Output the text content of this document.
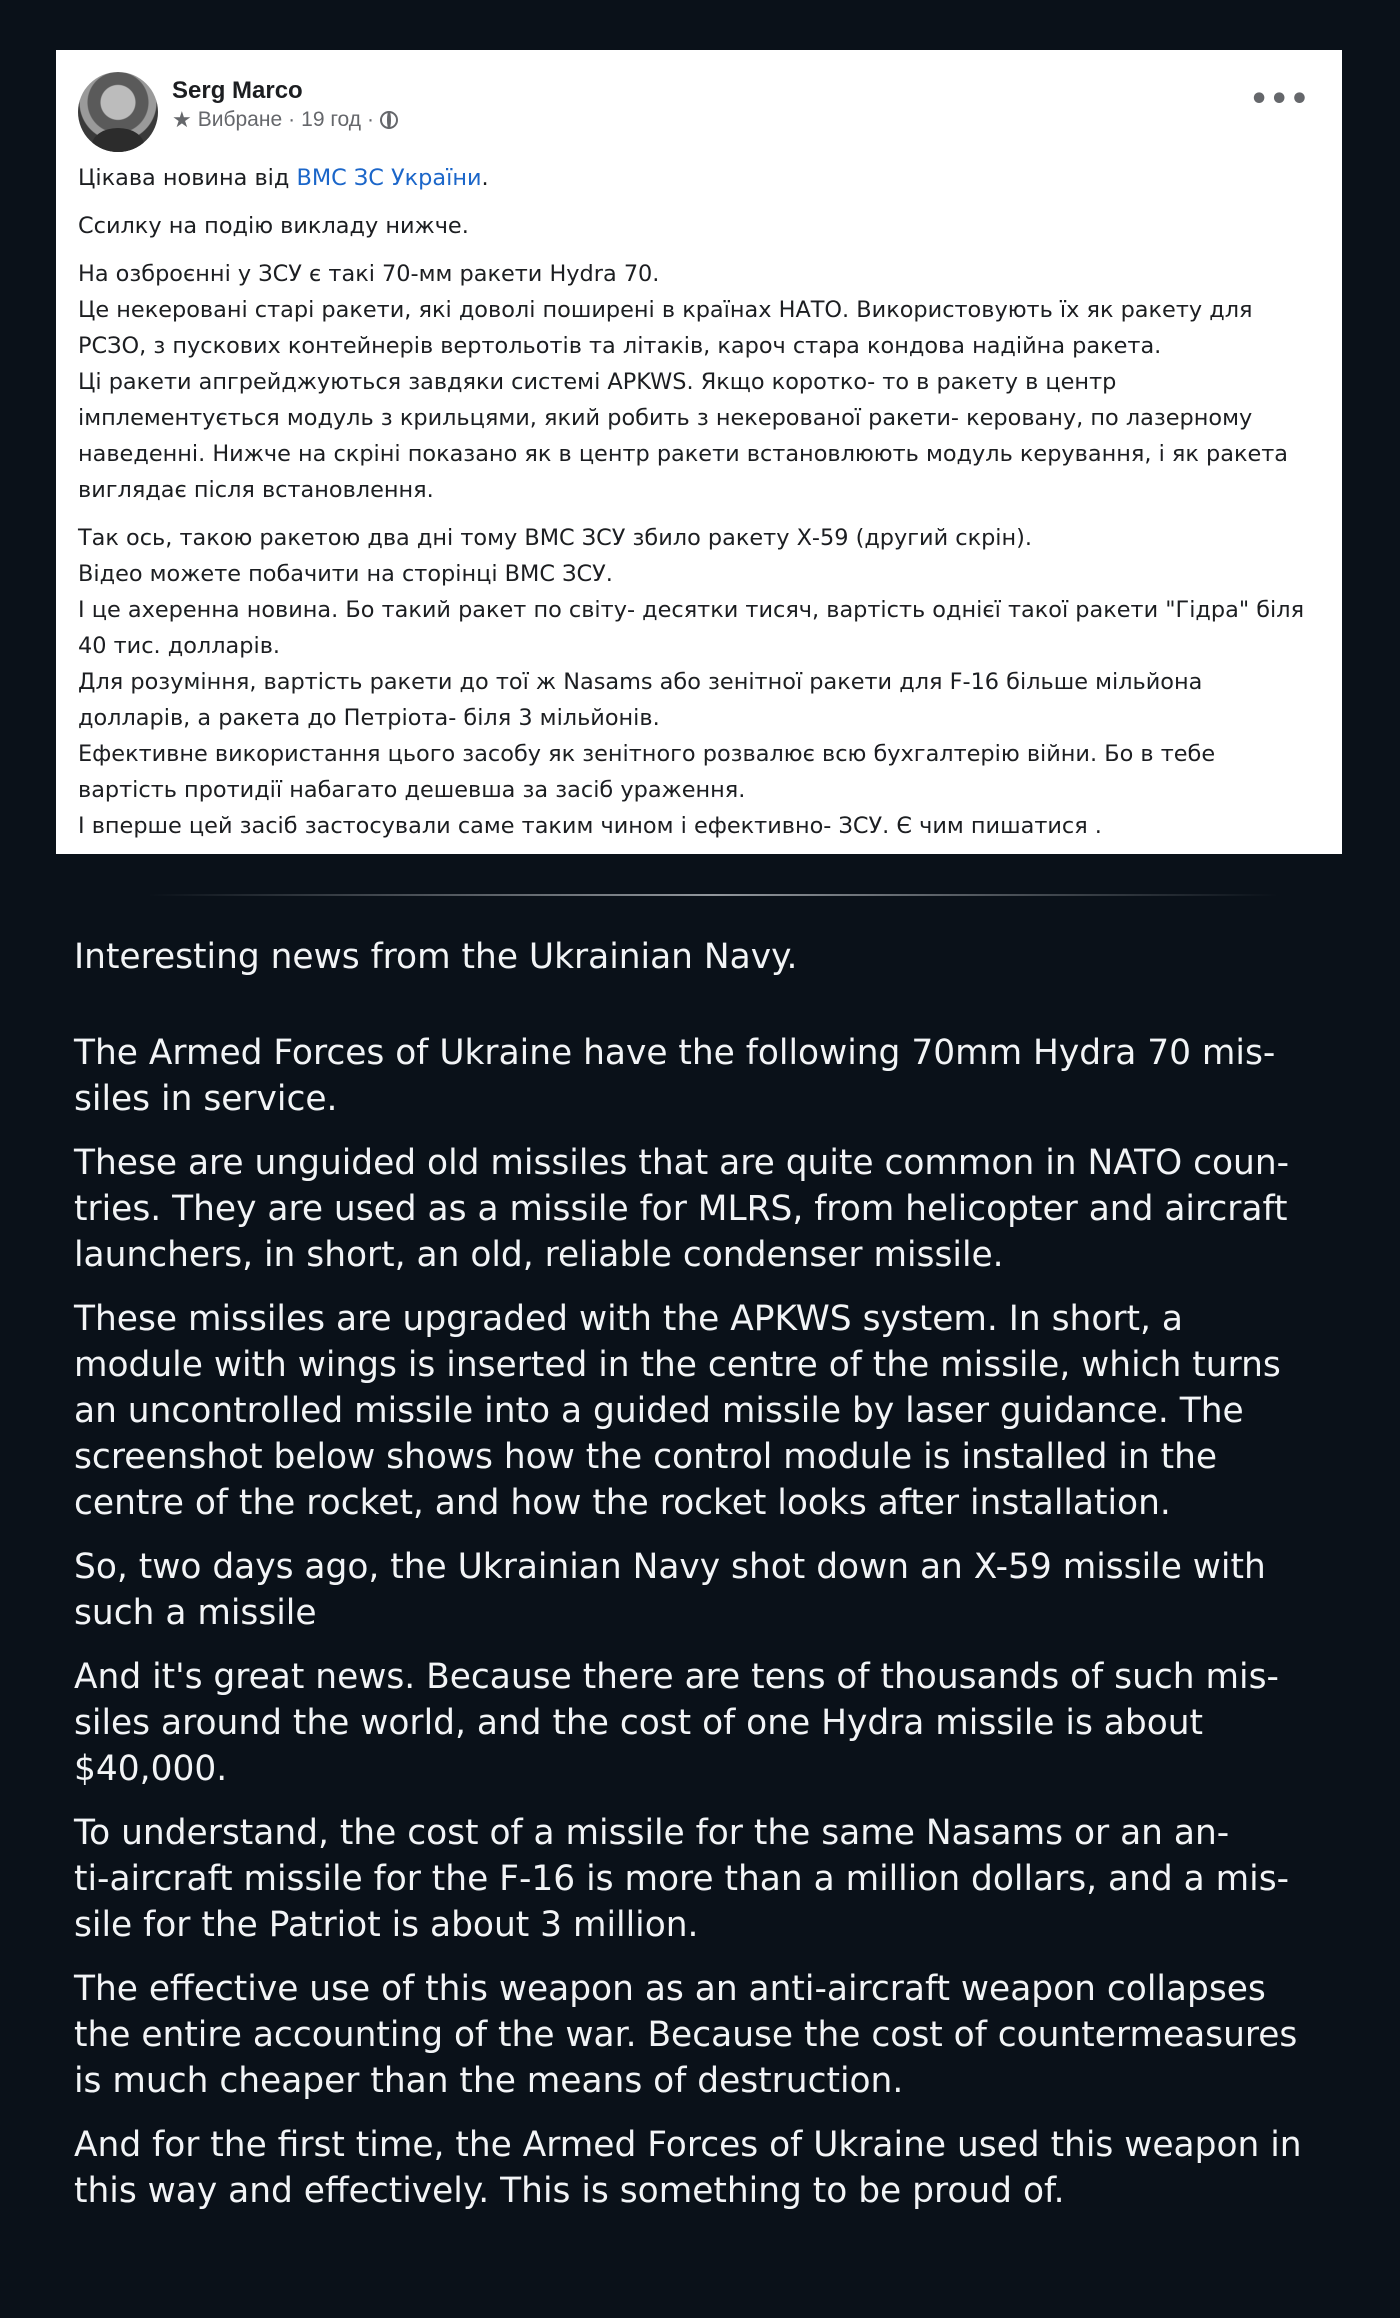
Serg Marco
★ Вибране · 19 год ·
•••

Цікава новина від ВМС ЗС України.

Ссилку на подію викладу нижче.

На озброєнні у ЗСУ є такі 70-мм ракети Hydra 70.
Це некеровані старі ракети, які доволі поширені в країнах НАТО. Використовують їх як ракету для
РСЗО, з пускових контейнерів вертольотів та літаків, кароч стара кондова надійна ракета.
Ці ракети апгрейджуються завдяки системі APKWS. Якщо коротко- то в ракету в центр
імплементується модуль з крильцями, який робить з некерованої ракети- керовану, по лазерному
наведенні. Нижче на скріні показано як в центр ракети встановлюють модуль керування, і як ракета
виглядає після встановлення.

Так ось, такою ракетою два дні тому ВМС ЗСУ збило ракету Х-59 (другий скрін).
Відео можете побачити на сторінці ВМС ЗСУ.
І це ахеренна новина. Бо такий ракет по світу- десятки тисяч, вартість однієї такої ракети "Гідра" біля
40 тис. долларів.
Для розуміння, вартість ракети до тої ж Nasams або зенітної ракети для F-16 більше мільйона
долларів, а ракета до Петріота- біля 3 мільйонів.
Ефективне використання цього засобу як зенітного розвалює всю бухгалтерію війни. Бо в тебе
вартість протидії набагато дешевша за засіб ураження.
І вперше цей засіб застосували саме таким чином і ефективно- ЗСУ. Є чим пишатися .

Interesting news from the Ukrainian Navy.

The Armed Forces of Ukraine have the following 70mm Hydra 70 mis-
siles in service.

These are unguided old missiles that are quite common in NATO coun-
tries. They are used as a missile for MLRS, from helicopter and aircraft
launchers, in short, an old, reliable condenser missile.

These missiles are upgraded with the APKWS system. In short, a
module with wings is inserted in the centre of the missile, which turns
an uncontrolled missile into a guided missile by laser guidance. The
screenshot below shows how the control module is installed in the
centre of the rocket, and how the rocket looks after installation.

So, two days ago, the Ukrainian Navy shot down an X-59 missile with
such a missile

And it's great news. Because there are tens of thousands of such mis-
siles around the world, and the cost of one Hydra missile is about
$40,000.

To understand, the cost of a missile for the same Nasams or an an-
ti-aircraft missile for the F-16 is more than a million dollars, and a mis-
sile for the Patriot is about 3 million.

The effective use of this weapon as an anti-aircraft weapon collapses
the entire accounting of the war. Because the cost of countermeasures
is much cheaper than the means of destruction.

And for the first time, the Armed Forces of Ukraine used this weapon in
this way and effectively. This is something to be proud of.
